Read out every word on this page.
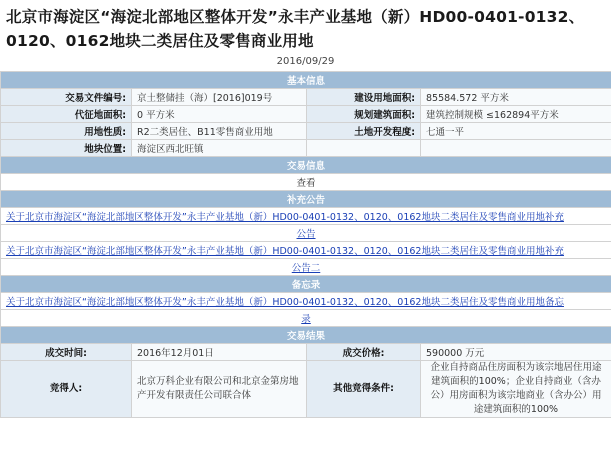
北京市海淀区“海淀北部地区整体开发”永丰产业基地（新）HD00-0401-0132、
0120、0162地块二类居住及零售商业用地
2016/09/29
基本信息			
交易文件编号:	京土整储挂（海）[2016]019号	建设用地面积:	85584.572 平方米
代征地面积:	0 平方米	规划建筑面积:	建筑控制规模 ≤162894平方米
用地性质:	R2二类居住、B11零售商业用地	土地开发程度:	七通一平
地块位置:	海淀区西北旺镇		
交易信息			
查看			
补充公告			
关于北京市海淀区“海淀北部地区整体开发”永丰产业基地（新）HD00-0401-0132、0120、0162地块二类居住及零售商业用地补充			
公告			
关于北京市海淀区“海淀北部地区整体开发”永丰产业基地（新）HD00-0401-0132、0120、0162地块二类居住及零售商业用地补充			
公告二			
备忘录			
关于北京市海淀区“海淀北部地区整体开发”永丰产业基地（新）HD00-0401-0132、0120、0162地块二类居住及零售商业用地备忘			
录			
交易结果			
成交时间:	2016年12月01日	成交价格:	590000 万元
竞得人:	北京万科企业有限公司和北京金第房地产开发有限责任公司联合体	其他竞得条件:	企业自持商品住房面积为该宗地居住用途建筑面积的100%；企业自持商业（含办公）用房面积为该宗地商业（含办公）用途建筑面积的100%
